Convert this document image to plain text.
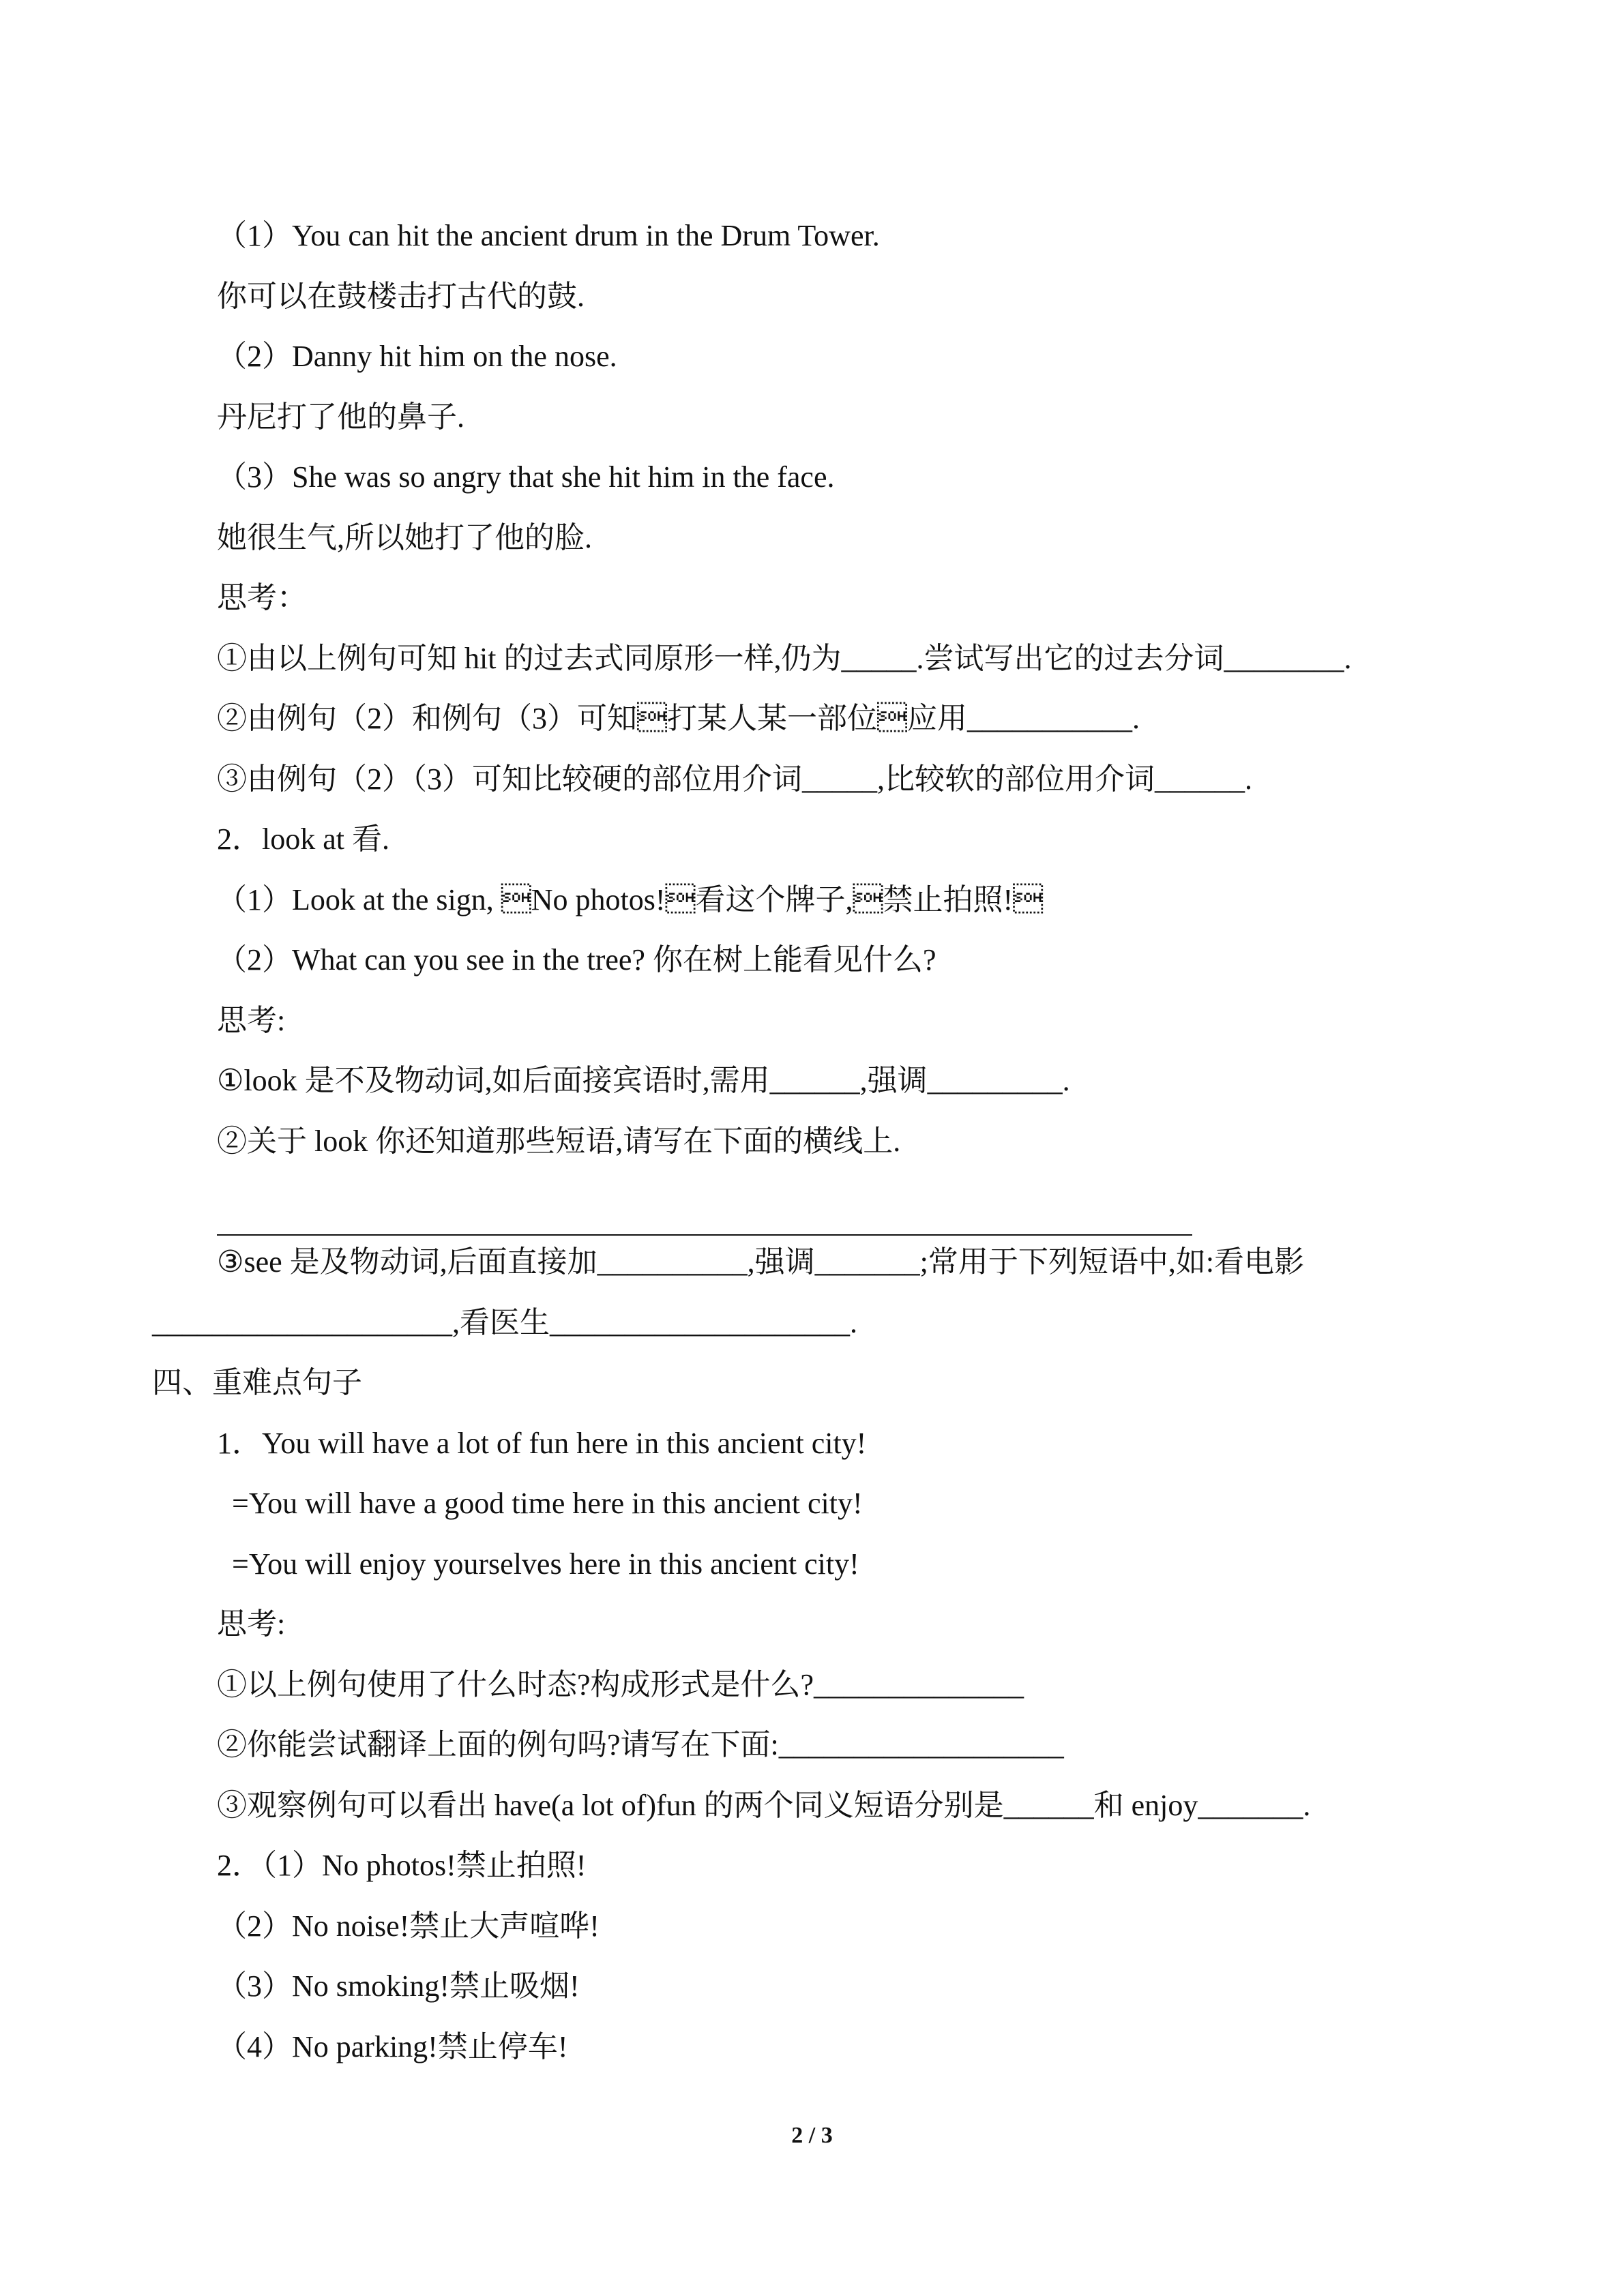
（1）You can hit the ancient drum in the Drum Tower.
你可以在鼓楼击打古代的鼓.
（2）Danny hit him on the nose.
丹尼打了他的鼻子.
（3）She was so angry that she hit him in the face.
她很生气,所以她打了他的脸.
思考：
①由以上例句可知 hit 的过去式同原形一样,仍为_____.尝试写出它的过去分词________.
②由例句（2）和例句（3）可知打某人某一部位应用___________.
③由例句（2）（3）可知比较硬的部位用介词_____,比较软的部位用介词______.
2．look at 看.
（1）Look at the sign, No photos!看这个牌子,禁止拍照!
（2）What can you see in the tree? 你在树上能看见什么?
思考:
①look 是不及物动词,如后面接宾语时,需用______,强调_________.
②关于 look 你还知道那些短语,请写在下面的横线上.
③see 是及物动词,后面直接加__________,强调_______;常用于下列短语中,如:看电影
____________________,看医生____________________.
四、重难点句子
1．You will have a lot of fun here in this ancient city!
=You will have a good time here in this ancient city!
=You will enjoy yourselves here in this ancient city!
思考:
①以上例句使用了什么时态?构成形式是什么?______________
②你能尝试翻译上面的例句吗?请写在下面:___________________
③观察例句可以看出 have(a lot of)fun 的两个同义短语分别是______和 enjoy_______.
2．（1）No photos!禁止拍照!
（2）No noise!禁止大声喧哗!
（3）No smoking!禁止吸烟!
（4）No parking!禁止停车!
2 / 3
